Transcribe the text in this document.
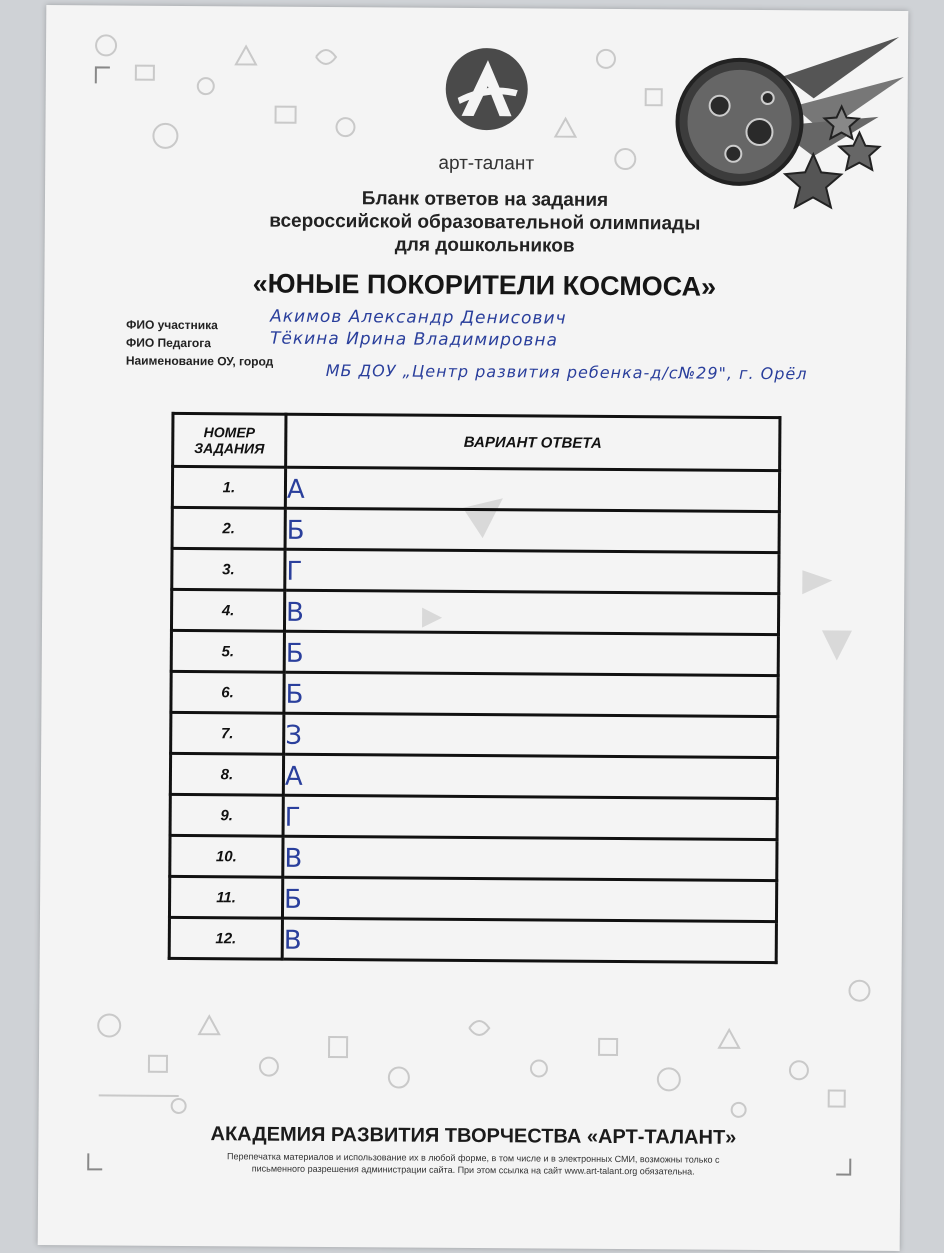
арт-талант
Бланк ответов на задания
всероссийской образовательной олимпиады
для дошкольников
«ЮНЫЕ ПОКОРИТЕЛИ КОСМОСА»
ФИО участника	Акимов Александр Денисович
ФИО Педагога	Тёкина Ирина Владимировна
Наименование ОУ, город	МБ ДОУ „Центр развития ребенка-д/с№29", г. Орёл
НОМЕР ЗАДАНИЯ	ВАРИАНТ ОТВЕТА
1.	А
2.	Б
3.	Г
4.	В
5.	Б
6.	Б
7.	З
8.	А
9.	Г
10.	В
11.	Б
12.	В
АКАДЕМИЯ РАЗВИТИЯ ТВОРЧЕСТВА «АРТ-ТАЛАНТ»
Перепечатка материалов и использование их в любой форме, в том числе и в электронных СМИ, возможны только с
письменного разрешения администрации сайта. При этом ссылка на сайт www.art-talant.org обязательна.
